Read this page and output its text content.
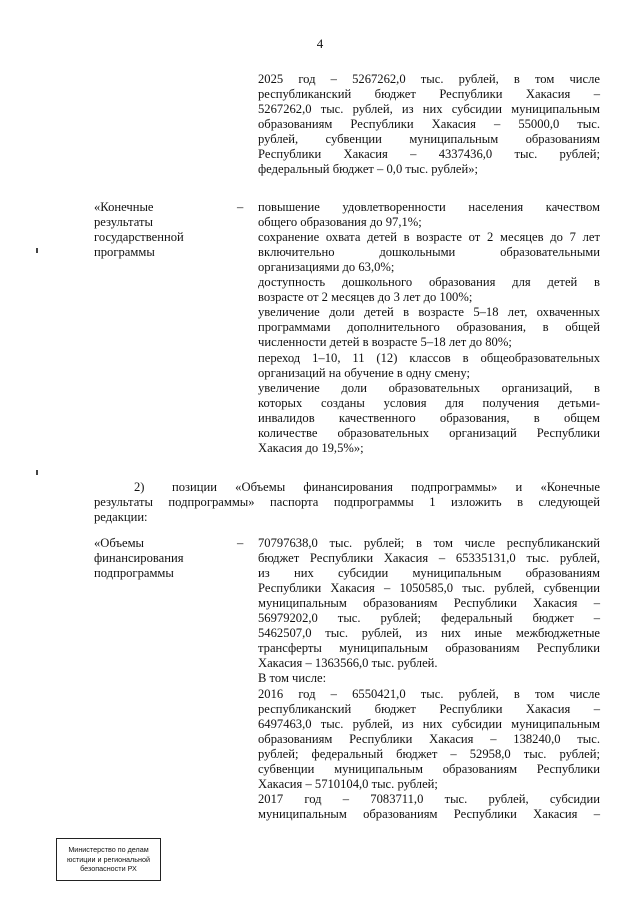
4
2025 год – 5267262,0 тыс. рублей, в том числе
республиканский бюджет Республики Хакасия –
5267262,0 тыс. рублей, из них субсидии муниципальным
образованиям Республики Хакасия – 55000,0 тыс.
рублей, субвенции муниципальным образованиям
Республики Хакасия – 4337436,0 тыс. рублей;
федеральный бюджет – 0,0 тыс. рублей»;
«Конечные
результаты
государственной
программы
– повышение удовлетворенности населения качеством
общего образования до 97,1%;
сохранение охвата детей в возрасте от 2 месяцев до 7 лет
включительно дошкольными образовательными
организациями до 63,0%;
доступность дошкольного образования для детей в
возрасте от 2 месяцев до 3 лет до 100%;
увеличение доли детей в возрасте 5–18 лет, охваченных
программами дополнительного образования, в общей
численности детей в возрасте 5–18 лет до 80%;
переход 1–10, 11 (12) классов в общеобразовательных
организаций на обучение в одну смену;
увеличение доли образовательных организаций, в
которых созданы условия для получения детьми-
инвалидов качественного образования, в общем
количестве образовательных организаций Республики
Хакасия до 19,5%»;
2) позиции «Объемы финансирования подпрограммы» и «Конечные
результаты подпрограммы» паспорта подпрограммы 1 изложить в следующей
редакции:
«Объемы
финансирования
подпрограммы
– 70797638,0 тыс. рублей; в том числе республиканский
бюджет Республики Хакасия – 65335131,0 тыс. рублей,
из них субсидии муниципальным образованиям
Республики Хакасия – 1050585,0 тыс. рублей, субвенции
муниципальным образованиям Республики Хакасия –
56979202,0 тыс. рублей; федеральный бюджет –
5462507,0 тыс. рублей, из них иные межбюджетные
трансферты муниципальным образованиям Республики
Хакасия – 1363566,0 тыс. рублей.
В том числе:
2016 год – 6550421,0 тыс. рублей, в том числе
республиканский бюджет Республики Хакасия –
6497463,0 тыс. рублей, из них субсидии муниципальным
образованиям Республики Хакасия – 138240,0 тыс.
рублей; федеральный бюджет – 52958,0 тыс. рублей;
субвенции муниципальным образованиям Республики
Хакасия – 5710104,0 тыс. рублей;
2017 год – 7083711,0 тыс. рублей, субсидии
муниципальным образованиям Республики Хакасия –
Министерство по делам
юстиции и региональной
безопасности РХ
